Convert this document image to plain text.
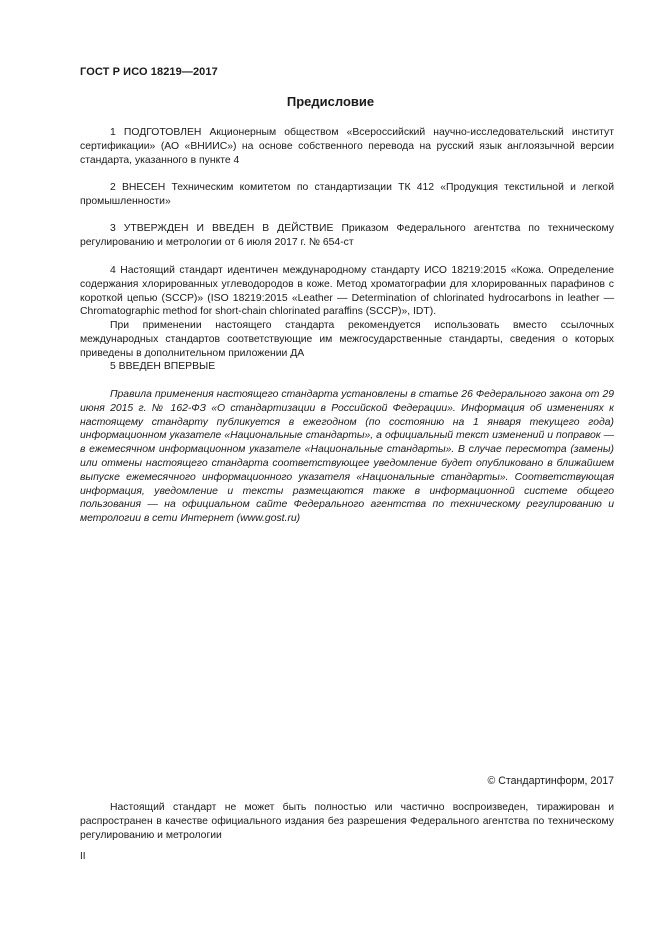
ГОСТ Р ИСО 18219—2017
Предисловие

1 ПОДГОТОВЛЕН Акционерным обществом «Всероссийский научно-исследовательский институт сертификации» (АО «ВНИИС») на основе собственного перевода на русский язык англоязычной версии стандарта, указанного в пункте 4

2 ВНЕСЕН Техническим комитетом по стандартизации ТК 412 «Продукция текстильной и легкой промышленности»

3 УТВЕРЖДЕН И ВВЕДЕН В ДЕЙСТВИЕ Приказом Федерального агентства по техническому регулированию и метрологии от 6 июля 2017 г. № 654-ст

4 Настоящий стандарт идентичен международному стандарту ИСО 18219:2015 «Кожа. Определение содержания хлорированных углеводородов в коже. Метод хроматографии для хлорированных парафинов с короткой цепью (SCCP)» (ISO 18219:2015 «Leather — Determination of chlorinated hydrocarbons in leather — Chromatographic method for short-chain chlorinated paraffins (SCCP)», IDT).

При применении настоящего стандарта рекомендуется использовать вместо ссылочных международных стандартов соответствующие им межгосударственные стандарты, сведения о которых приведены в дополнительном приложении ДА

5 ВВЕДЕН ВПЕРВЫЕ

Правила применения настоящего стандарта установлены в статье 26 Федерального закона от 29 июня 2015 г. № 162-ФЗ «О стандартизации в Российской Федерации». Информация об изменениях к настоящему стандарту публикуется в ежегодном (по состоянию на 1 января текущего года) информационном указателе «Национальные стандарты», а официальный текст изменений и поправок — в ежемесячном информационном указателе «Национальные стандарты». В случае пересмотра (замены) или отмены настоящего стандарта соответствующее уведомление будет опубликовано в ближайшем выпуске ежемесячного информационного указателя «Национальные стандарты». Соответствующая информация, уведомление и тексты размещаются также в информационной системе общего пользования — на официальном сайте Федерального агентства по техническому регулированию и метрологии в сети Интернет (www.gost.ru)

© Стандартинформ, 2017

Настоящий стандарт не может быть полностью или частично воспроизведен, тиражирован и распространен в качестве официального издания без разрешения Федерального агентства по техническому регулированию и метрологии

II
